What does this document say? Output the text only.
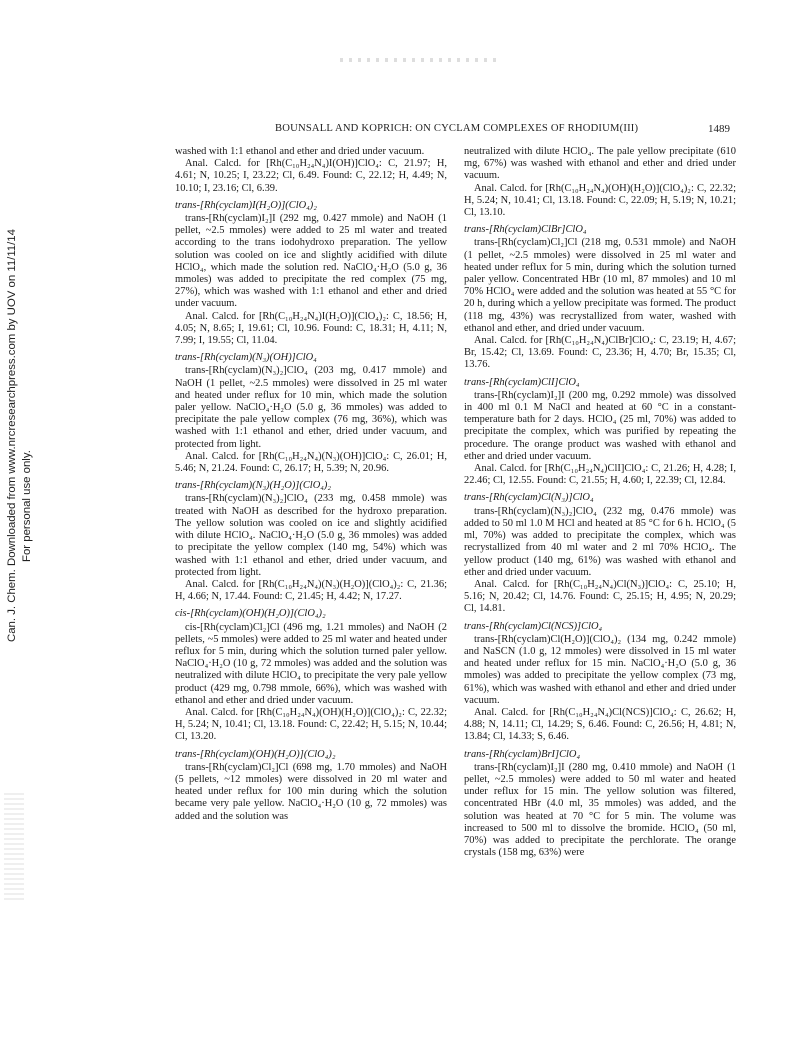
Can. J. Chem. Downloaded from www.nrcresearchpress.com by UOV on 11/11/14 For personal use only.
BOUNSALL AND KOPRICH: ON CYCLAM COMPLEXES OF RHODIUM(III)	1489

washed with 1:1 ethanol and ether and dried under vacuum.

Anal. Calcd. for [Rh(C₁₀H₂₄N₄)I(OH)]ClO₄: C, 21.97; H, 4.61; N, 10.25; I, 23.22; Cl, 6.49. Found: C, 22.12; H, 4.49; N, 10.10; I, 23.16; Cl, 6.39.

trans-[Rh(cyclam)I(H₂O)](ClO₄)₂

trans-[Rh(cyclam)I₂]I (292 mg, 0.427 mmole) and NaOH (1 pellet, ~2.5 mmoles) were added to 25 ml water and treated according to the trans iodohydroxo preparation. The yellow solution was cooled on ice and slightly acidified with dilute HClO₄, which made the solution red. NaClO₄·H₂O (5.0 g, 36 mmoles) was added to precipitate the red complex (75 mg, 27%), which was washed with 1:1 ethanol and ether and dried under vacuum.

Anal. Calcd. for [Rh(C₁₀H₂₄N₄)I(H₂O)](ClO₄)₂: C, 18.56; H, 4.05; N, 8.65; I, 19.61; Cl, 10.96. Found: C, 18.31; H, 4.11; N, 7.99; I, 19.55; Cl, 11.04.

trans-[Rh(cyclam)(N₃)(OH)]ClO₄

trans-[Rh(cyclam)(N₃)₂]ClO₄ (203 mg, 0.417 mmole) and NaOH (1 pellet, ~2.5 mmoles) were dissolved in 25 ml water and heated under reflux for 10 min, which made the solution paler yellow. NaClO₄·H₂O (5.0 g, 36 mmoles) was added to precipitate the pale yellow complex (76 mg, 36%), which was washed with 1:1 ethanol and ether, dried under vacuum, and protected from light.

Anal. Calcd. for [Rh(C₁₀H₂₄N₄)(N₃)(OH)]ClO₄: C, 26.01; H, 5.46; N, 21.24. Found: C, 26.17; H, 5.39; N, 20.96.

trans-[Rh(cyclam)(N₃)(H₂O)](ClO₄)₂

trans-[Rh(cyclam)(N₃)₂]ClO₄ (233 mg, 0.458 mmole) was treated with NaOH as described for the hydroxo preparation. The yellow solution was cooled on ice and slightly acidified with dilute HClO₄. NaClO₄·H₂O (5.0 g, 36 mmoles) was added to precipitate the yellow complex (140 mg, 54%) which was washed with 1:1 ethanol and ether, dried under vacuum, and protected from light.

Anal. Calcd. for [Rh(C₁₀H₂₄N₄)(N₃)(H₂O)](ClO₄)₂: C, 21.36; H, 4.66; N, 17.44. Found: C, 21.45; H, 4.42; N, 17.27.

cis-[Rh(cyclam)(OH)(H₂O)](ClO₄)₂

cis-[Rh(cyclam)Cl₂]Cl (496 mg, 1.21 mmoles) and NaOH (2 pellets, ~5 mmoles) were added to 25 ml water and heated under reflux for 5 min, during which the solution turned paler yellow. NaClO₄·H₂O (10 g, 72 mmoles) was added and the solution was neutralized with dilute HClO₄ to precipitate the very pale yellow product (429 mg, 0.798 mmole, 66%), which was washed with ethanol and ether and dried under vacuum.

Anal. Calcd. for [Rh(C₁₀H₂₄N₄)(OH)(H₂O)](ClO₄)₂: C, 22.32; H, 5.24; N, 10.41; Cl, 13.18. Found: C, 22.42; H, 5.15; N, 10.44; Cl, 13.20.

trans-[Rh(cyclam)(OH)(H₂O)](ClO₄)₂

trans-[Rh(cyclam)Cl₂]Cl (698 mg, 1.70 mmoles) and NaOH (5 pellets, ~12 mmoles) were dissolved in 20 ml water and heated under reflux for 100 min during which the solution became very pale yellow. NaClO₄·H₂O (10 g, 72 mmoles) was added and the solution was

neutralized with dilute HClO₄. The pale yellow precipitate (610 mg, 67%) was washed with ethanol and ether and dried under vacuum.

Anal. Calcd. for [Rh(C₁₀H₂₄N₄)(OH)(H₂O)](ClO₄)₂: C, 22.32; H, 5.24; N, 10.41; Cl, 13.18. Found: C, 22.09; H, 5.19; N, 10.21; Cl, 13.10.

trans-[Rh(cyclam)ClBr]ClO₄

trans-[Rh(cyclam)Cl₂]Cl (218 mg, 0.531 mmole) and NaOH (1 pellet, ~2.5 mmoles) were dissolved in 25 ml water and heated under reflux for 5 min, during which the solution turned paler yellow. Concentrated HBr (10 ml, 87 mmoles) and 10 ml 70% HClO₄ were added and the solution was heated at 55 °C for 20 h, during which a yellow precipitate was formed. The product (118 mg, 43%) was recrystallized from water, washed with ethanol and ether, and dried under vacuum.

Anal. Calcd. for [Rh(C₁₀H₂₄N₄)ClBr]ClO₄: C, 23.19; H, 4.67; Br, 15.42; Cl, 13.69. Found: C, 23.36; H, 4.70; Br, 15.35; Cl, 13.76.

trans-[Rh(cyclam)ClI]ClO₄

trans-[Rh(cyclam)I₂]I (200 mg, 0.292 mmole) was dissolved in 400 ml 0.1 M NaCl and heated at 60 °C in a constant-temperature bath for 2 days. HClO₄ (25 ml, 70%) was added to precipitate the complex, which was purified by repeating the procedure. The orange product was washed with ethanol and ether and dried under vacuum.

Anal. Calcd. for [Rh(C₁₀H₂₄N₄)ClI]ClO₄: C, 21.26; H, 4.28; I, 22.46; Cl, 12.55. Found: C, 21.55; H, 4.60; I, 22.39; Cl, 12.84.

trans-[Rh(cyclam)Cl(N₃)]ClO₄

trans-[Rh(cyclam)(N₃)₂]ClO₄ (232 mg, 0.476 mmole) was added to 50 ml 1.0 M HCl and heated at 85 °C for 6 h. HClO₄ (5 ml, 70%) was added to precipitate the complex, which was recrystallized from 40 ml water and 2 ml 70% HClO₄. The yellow product (140 mg, 61%) was washed with ethanol and ether and dried under vacuum.

Anal. Calcd. for [Rh(C₁₀H₂₄N₄)Cl(N₃)]ClO₄: C, 25.10; H, 5.16; N, 20.42; Cl, 14.76. Found: C, 25.15; H, 4.95; N, 20.29; Cl, 14.81.

trans-[Rh(cyclam)Cl(NCS)]ClO₄

trans-[Rh(cyclam)Cl(H₂O)](ClO₄)₂ (134 mg, 0.242 mmole) and NaSCN (1.0 g, 12 mmoles) were dissolved in 15 ml water and heated under reflux for 15 min. NaClO₄·H₂O (5.0 g, 36 mmoles) was added to precipitate the yellow complex (73 mg, 61%), which was washed with ethanol and ether and dried under vacuum.

Anal. Calcd. for [Rh(C₁₀H₂₄N₄)Cl(NCS)]ClO₄: C, 26.62; H, 4.88; N, 14.11; Cl, 14.29; S, 6.46. Found: C, 26.56; H, 4.81; N, 13.84; Cl, 14.33; S, 6.46.

trans-[Rh(cyclam)BrI]ClO₄

trans-[Rh(cyclam)I₂]I (280 mg, 0.410 mmole) and NaOH (1 pellet, ~2.5 mmoles) were added to 50 ml water and heated under reflux for 15 min. The yellow solution was filtered, concentrated HBr (4.0 ml, 35 mmoles) was added, and the solution was heated at 70 °C for 5 min. The volume was increased to 500 ml to dissolve the bromide. HClO₄ (50 ml, 70%) was added to precipitate the perchlorate. The orange crystals (158 mg, 63%) were
